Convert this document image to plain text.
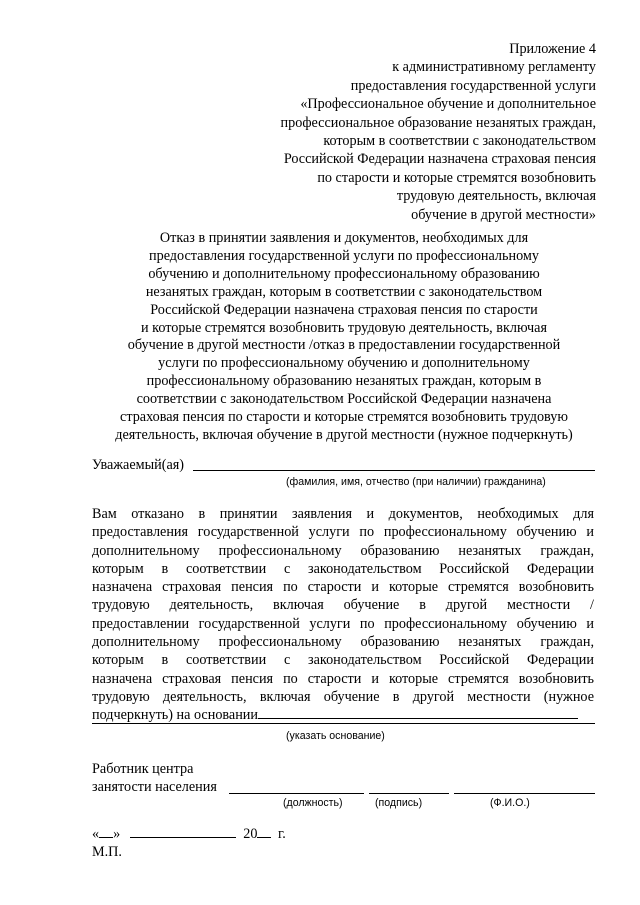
Приложение 4
к административному регламенту
предоставления государственной услуги
«Профессиональное обучение и дополнительное
профессиональное образование незанятых граждан,
которым в соответствии с законодательством
Российской Федерации назначена страховая пенсия
по старости и которые стремятся возобновить
трудовую деятельность, включая
обучение в другой местности»
Отказ в принятии заявления и документов, необходимых для
предоставления государственной услуги по профессиональному
обучению и дополнительному профессиональному образованию
незанятых граждан, которым в соответствии с законодательством
Российской Федерации назначена страховая пенсия по старости
и которые стремятся возобновить трудовую деятельность, включая
обучение в другой местности /отказ в предоставлении государственной
услуги по профессиональному обучению и дополнительному
профессиональному образованию незанятых граждан, которым в
соответствии с законодательством Российской Федерации назначена
страховая пенсия по старости и которые стремятся возобновить трудовую
деятельность, включая обучение в другой местности (нужное подчеркнуть)
Уважаемый(ая)
(фамилия, имя, отчество (при наличии) гражданина)
Вам отказано в принятии заявления и документов, необходимых для
предоставления государственной услуги по профессиональному обучению и
дополнительному профессиональному образованию незанятых граждан,
которым в соответствии с законодательством Российской Федерации
назначена страховая пенсия по старости и которые стремятся возобновить
трудовую деятельность, включая обучение в другой местности /
предоставлении государственной услуги по профессиональному обучению и
дополнительному профессиональному образованию незанятых граждан,
которым в соответствии с законодательством Российской Федерации
назначена страховая пенсия по старости и которые стремятся возобновить
трудовую деятельность, включая обучение в другой местности (нужное
подчеркнуть) на основании
(указать основание)
Работник центра
занятости населения
(должность)	(подпись)	(Ф.И.О.)
« »	20 г.
М.П.
